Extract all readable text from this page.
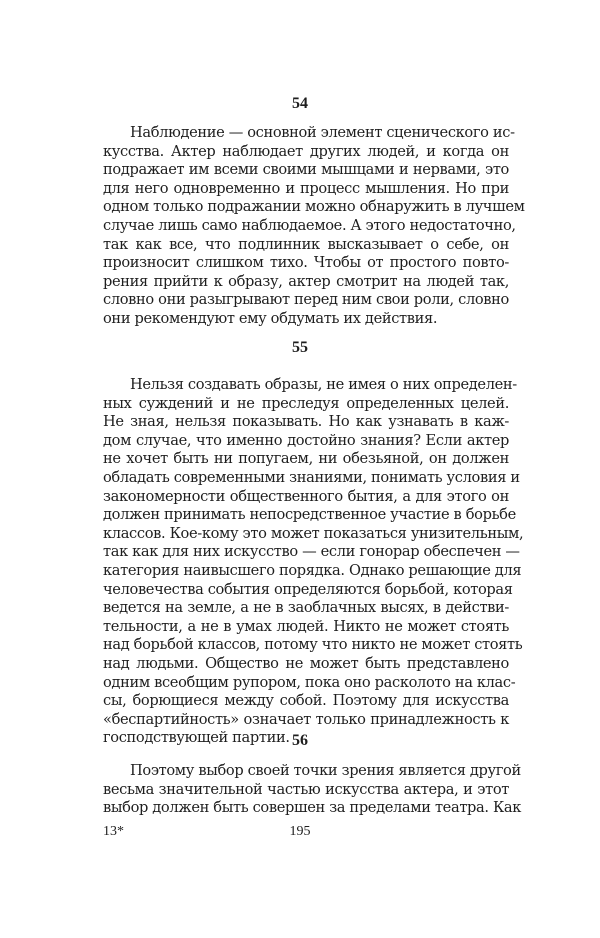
54
Наблюдение — основной элемент сценического ис-
кусства. Актер наблюдает других людей, и когда он
подражает им всеми своими мышцами и нервами, это
для него одновременно и процесс мышления. Но при
одном только подражании можно обнаружить в лучшем
случае лишь само наблюдаемое. А этого недостаточно,
так как все, что подлинник высказывает о себе, он
произносит слишком тихо. Чтобы от простого повто-
рения прийти к образу, актер смотрит на людей так,
словно они разыгрывают перед ним свои роли, словно
они рекомендуют ему обдумать их действия.
55
Нельзя создавать образы, не имея о них определен-
ных суждений и не преследуя определенных целей.
Не зная, нельзя показывать. Но как узнавать в каж-
дом случае, что именно достойно знания? Если актер
не хочет быть ни попугаем, ни обезьяной, он должен
обладать современными знаниями, понимать условия и
закономерности общественного бытия, а для этого он
должен принимать непосредственное участие в борьбе
классов. Кое-кому это может показаться унизительным,
так как для них искусство — если гонорар обеспечен —
категория наивысшего порядка. Однако решающие для
человечества события определяются борьбой, которая
ведется на земле, а не в заоблачных высях, в действи-
тельности, а не в умах людей. Никто не может стоять
над борьбой классов, потому что никто не может стоять
над людьми. Общество не может быть представлено
одним всеобщим рупором, пока оно расколото на клас-
сы, борющиеся между собой. Поэтому для искусства
«беспартийность» означает только принадлежность к
господствующей партии. 56
Поэтому выбор своей точки зрения является другой
весьма значительной частью искусства актера, и этот
выбор должен быть совершен за пределами театра. Как
13*	195
